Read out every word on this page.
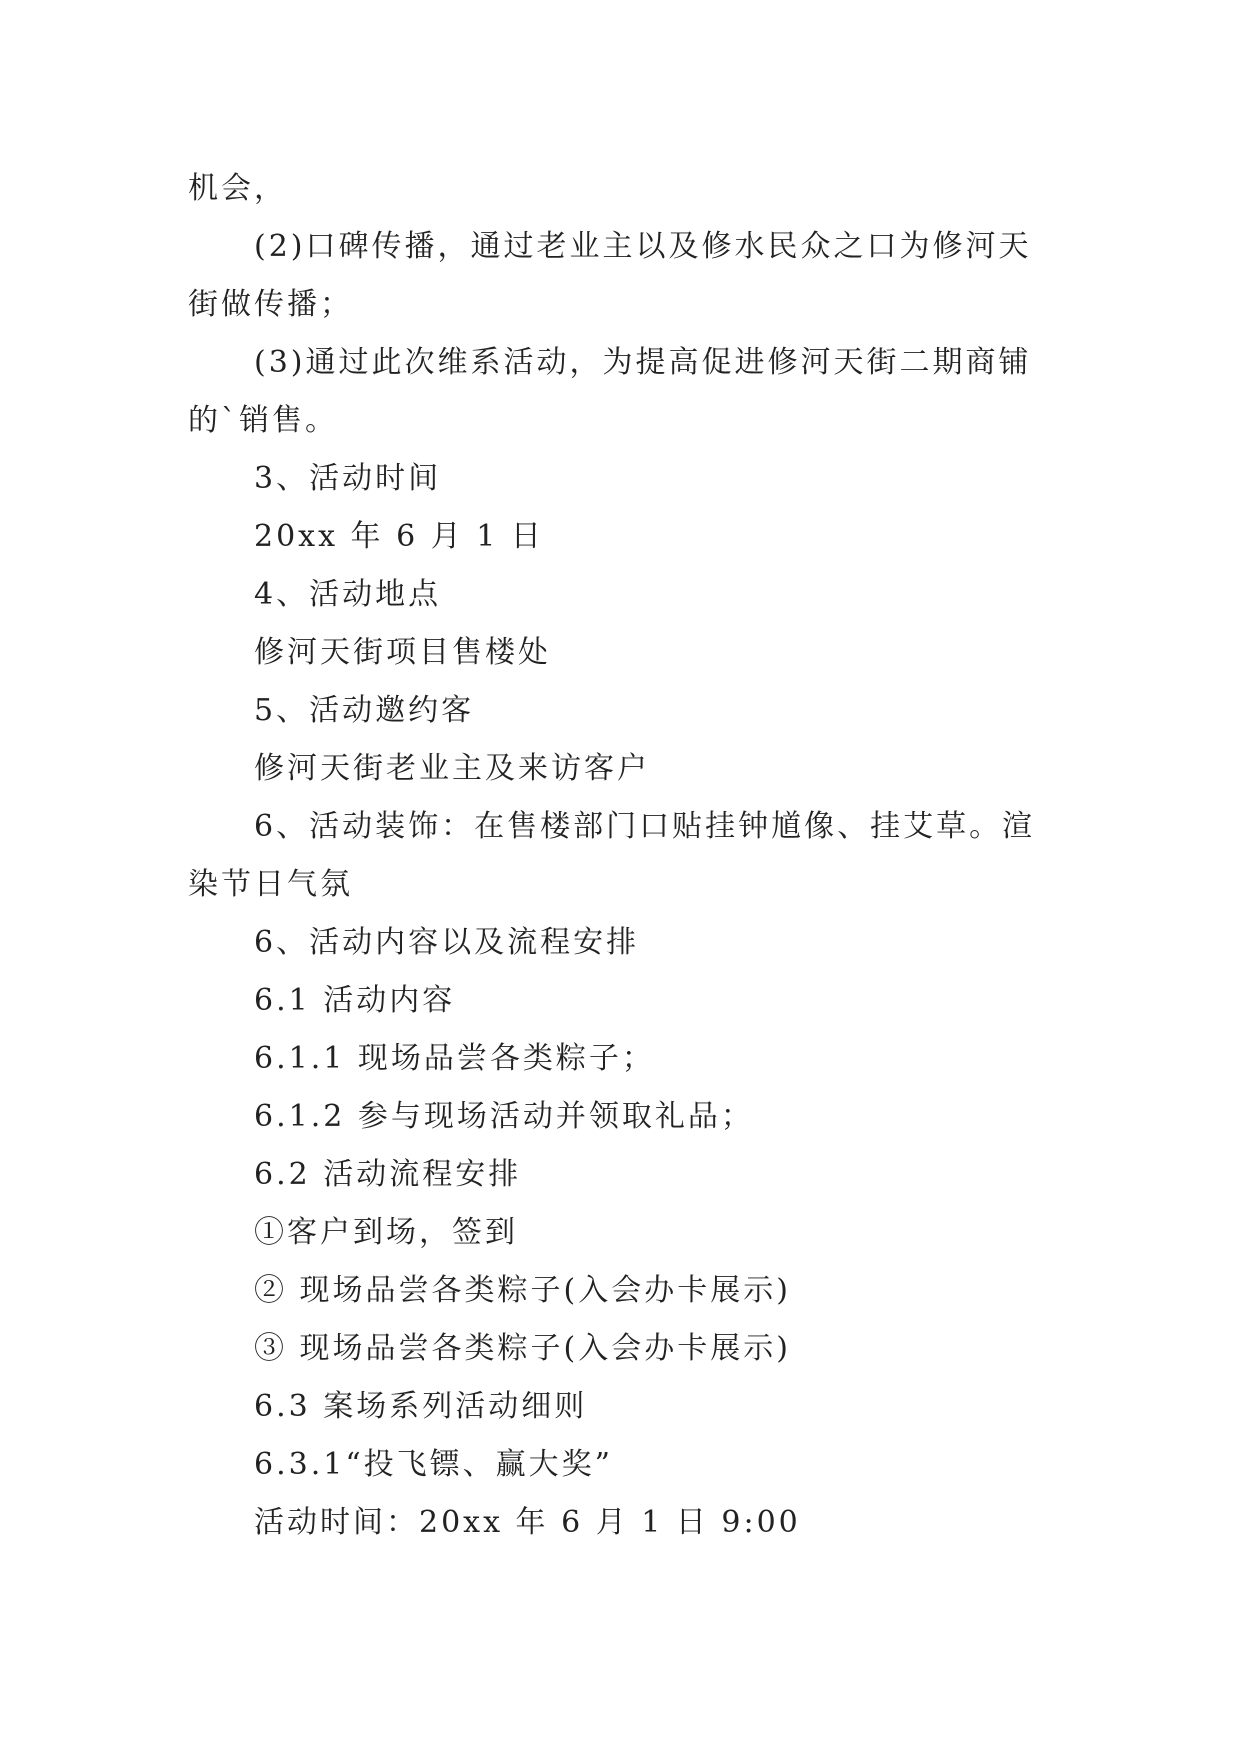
机会，
(2)口碑传播，通过老业主以及修水民众之口为修河天
街做传播；
(3)通过此次维系活动，为提高促进修河天街二期商铺
的`销售。
3、活动时间
20xx 年 6 月 1 日
4、活动地点
修河天街项目售楼处
5、活动邀约客
修河天街老业主及来访客户
6、活动装饰：在售楼部门口贴挂钟馗像、挂艾草。渲
染节日气氛
6、活动内容以及流程安排
6.1 活动内容
6.1.1 现场品尝各类粽子；
6.1.2 参与现场活动并领取礼品；
6.2 活动流程安排
①客户到场，签到
② 现场品尝各类粽子(入会办卡展示)
③ 现场品尝各类粽子(入会办卡展示)
6.3 案场系列活动细则
6.3.1“投飞镖、赢大奖”
活动时间：20xx 年 6 月 1 日 9:00
